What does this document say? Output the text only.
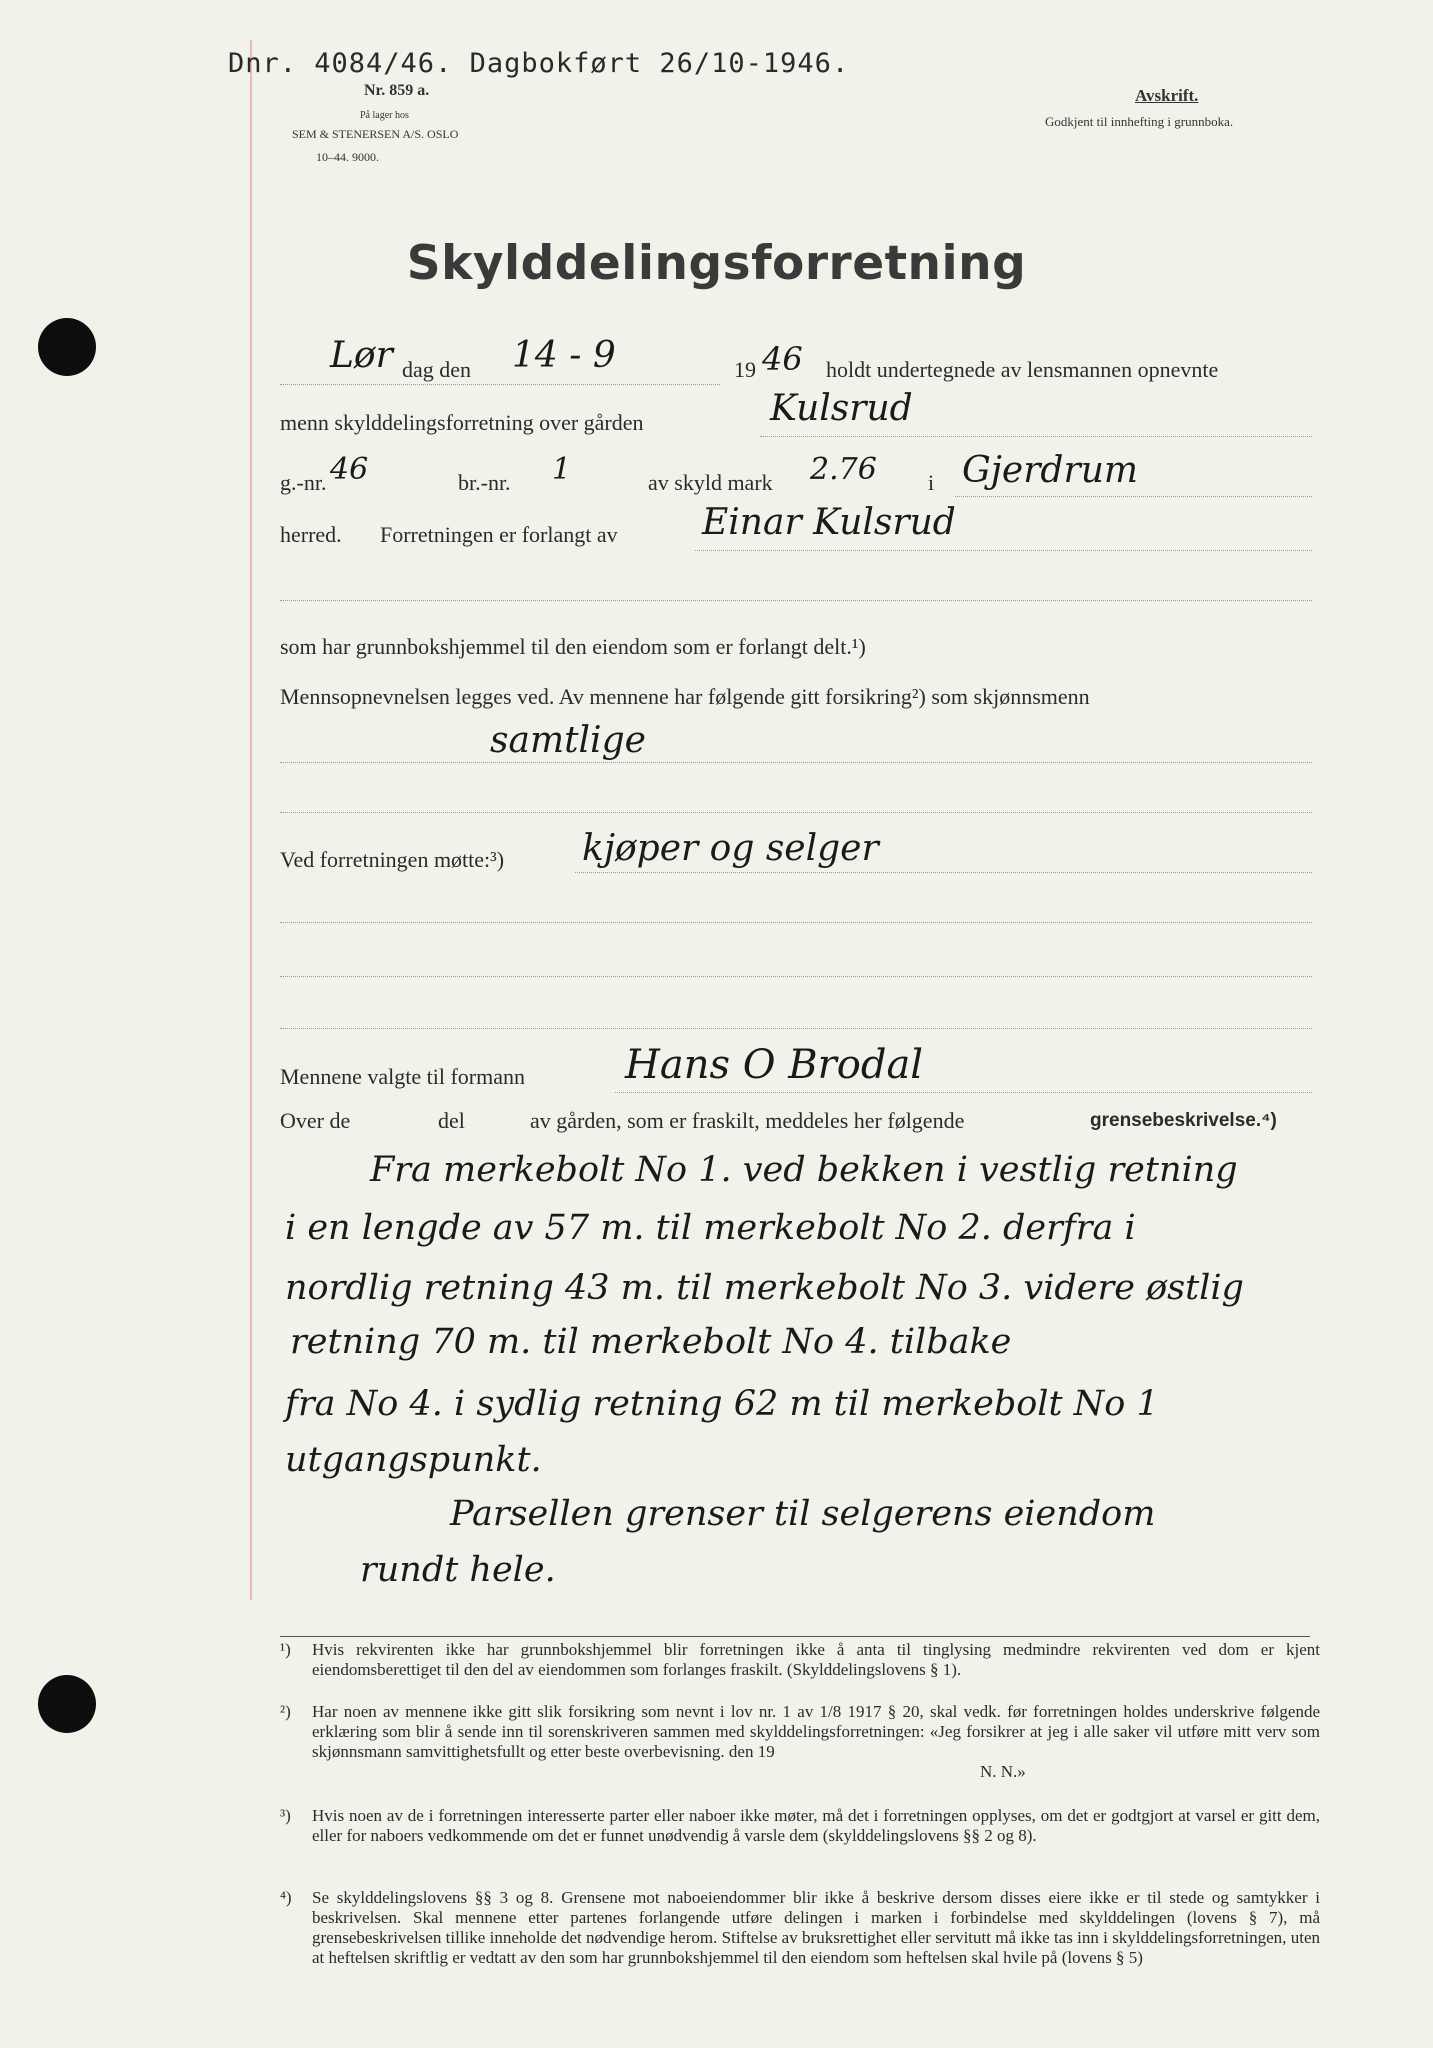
Dnr. 4084/46. Dagbokført 26/10-1946.
Nr. 859 a.
På lager hos
SEM & STENERSEN A/S. OSLO
10–44. 9000.
Avskrift.
Godkjent til innhefting i grunnboka.
Skylddelingsforretning
Lør dag den 14 - 9	19 46 holdt undertegnede av lensmannen opnevnte
menn skylddelingsforretning over gården	Kulsrud
g.-nr. 46	br.-nr. 1	av skyld mark 2.76 i Gjerdrum
herred. Forretningen er forlangt av Einar Kulsrud
som har grunnbokshjemmel til den eiendom som er forlangt delt.¹)
Mennsopnevnelsen legges ved. Av mennene har følgende gitt forsikring²) som skjønnsmenn
samtlige
Ved forretningen møtte:³) kjøper og selger
Mennene valgte til formann	Hans O Brodal
Over de	del	av gården, som er fraskilt, meddeles her følgende	grensebeskrivelse.⁴)
Fra merkebolt No 1. ved bekken i vestlig retning
i en lengde av 57 m. til merkebolt No 2. derfra i
nordlig retning 43 m. til merkebolt No 3. videre østlig
retning 70 m. til merkebolt No 4. tilbake
fra No 4. i sydlig retning 62 m til merkebolt No 1
utgangspunkt.
Parsellen grenser til selgerens eiendom
rundt hele.
¹)	Hvis rekvirenten ikke har grunnbokshjemmel blir forretningen ikke å anta til tinglysing medmindre rekvirenten ved dom er kjent eiendomsberettiget til den del av eiendommen som forlanges fraskilt. (Skylddelingslovens § 1).
²)	Har noen av mennene ikke gitt slik forsikring som nevnt i lov nr. 1 av 1/8 1917 § 20, skal vedk. før forretningen holdes underskrive følgende erklæring som blir å sende inn til sorenskriveren sammen med skylddelingsforretningen: «Jeg forsikrer at jeg i alle saker vil utføre mitt verv som skjønnsmann samvittighetsfullt og etter beste overbevisning. den 19
N. N.»
³)	Hvis noen av de i forretningen interesserte parter eller naboer ikke møter, må det i forretningen opplyses, om det er godtgjort at varsel er gitt dem, eller for naboers vedkommende om det er funnet unødvendig å varsle dem (skylddelingslovens §§ 2 og 8).
⁴)	Se skylddelingslovens §§ 3 og 8. Grensene mot naboeiendommer blir ikke å beskrive dersom disses eiere ikke er til stede og samtykker i beskrivelsen. Skal mennene etter partenes forlangende utføre delingen i marken i forbindelse med skylddelingen (lovens § 7), må grensebeskrivelsen tillike inneholde det nødvendige herom. Stiftelse av bruksrettighet eller servitutt må ikke tas inn i skylddelingsforretningen, uten at heftelsen skriftlig er vedtatt av den som har grunnbokshjemmel til den eiendom som heftelsen skal hvile på (lovens § 5)
